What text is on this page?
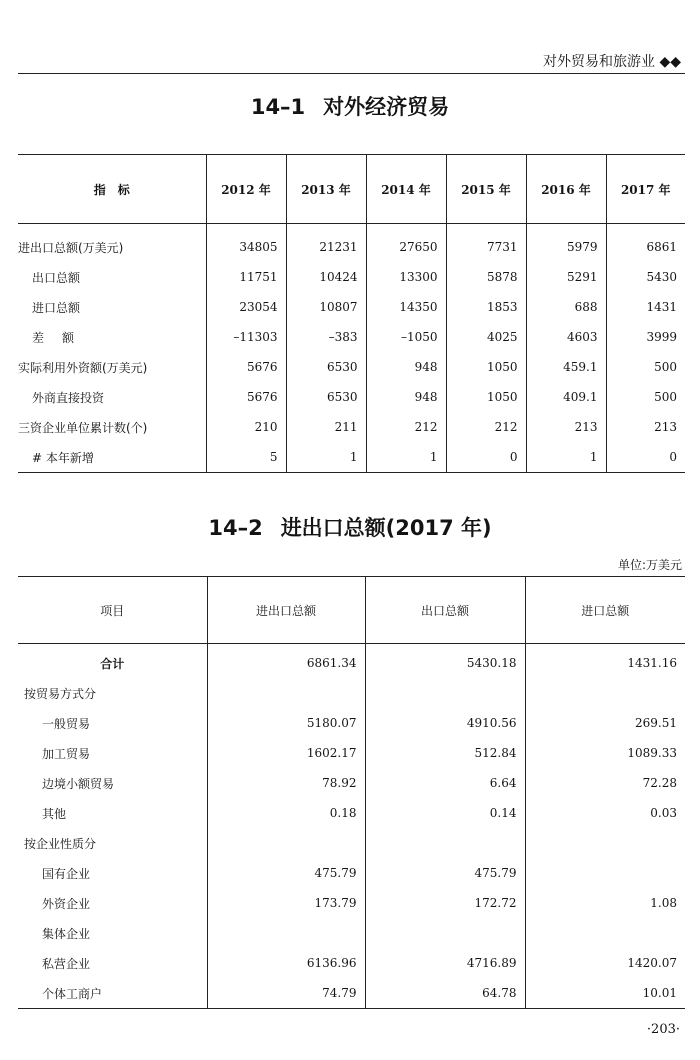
对外贸易和旅游业 ◆◆
14–1 对外经济贸易
指　标	2012 年	2013 年	2014 年	2015 年	2016 年	2017 年
进出口总额(万美元)	34805	21231	27650	7731	5979	6861
出口总额	11751	10424	13300	5878	5291	5430
进口总额	23054	10807	14350	1853	688	1431
差额	–11303	–383	–1050	4025	4603	3999
实际利用外资额(万美元)	5676	6530	948	1050	459.1	500
外商直接投资	5676	6530	948	1050	409.1	500
三资企业单位累计数(个)	210	211	212	212	213	213
# 本年新增	5	1	1	0	1	0
14–2 进出口总额(2017 年)
单位:万美元
项目	进出口总额	出口总额	进口总额
合计	6861.34	5430.18	1431.16
按贸易方式分			
一般贸易	5180.07	4910.56	269.51
加工贸易	1602.17	512.84	1089.33
边境小额贸易	78.92	6.64	72.28
其他	0.18	0.14	0.03
按企业性质分			
国有企业	475.79	475.79	
外资企业	173.79	172.72	1.08
集体企业			
私营企业	6136.96	4716.89	1420.07
个体工商户	74.79	64.78	10.01
·203·
